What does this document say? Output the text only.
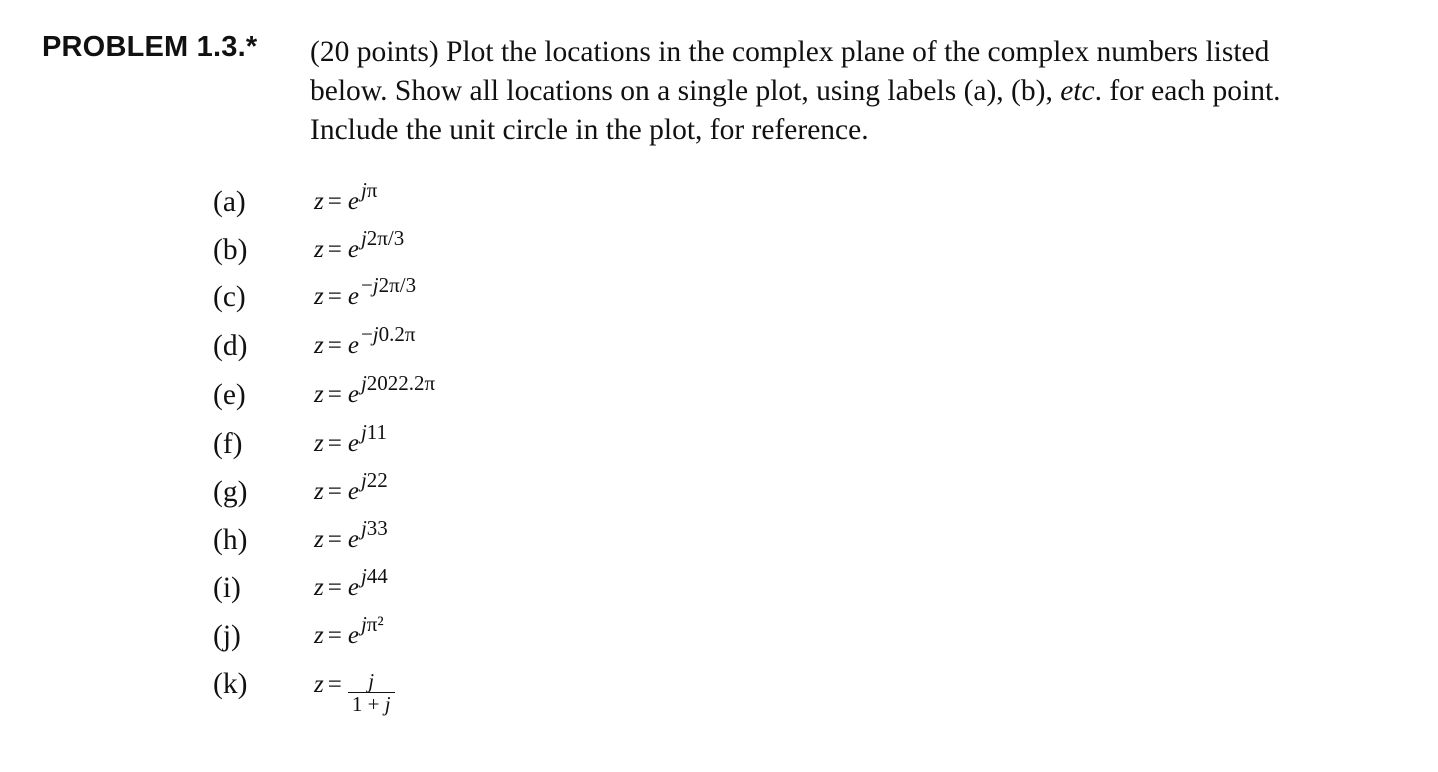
PROBLEM 1.3.* (20 points) Plot the locations in the complex plane of the complex numbers listed
below. Show all locations on a single plot, using labels (a), (b), etc. for each point.
Include the unit circle in the plot, for reference.
(a)	$z = e^{j\pi}$
(b)	$z = e^{j2\pi/3}$
(c)	$z = e^{-j2\pi/3}$
(d)	$z = e^{-j0.2\pi}$
(e)	$z = e^{j2022.2\pi}$
(f)	$z = e^{j11}$
(g)	$z = e^{j22}$
(h)	$z = e^{j33}$
(i)	$z = e^{j44}$
(j)	$z = e^{j\pi^2}$
(k)	$z = \frac{j}{1 + j}$
